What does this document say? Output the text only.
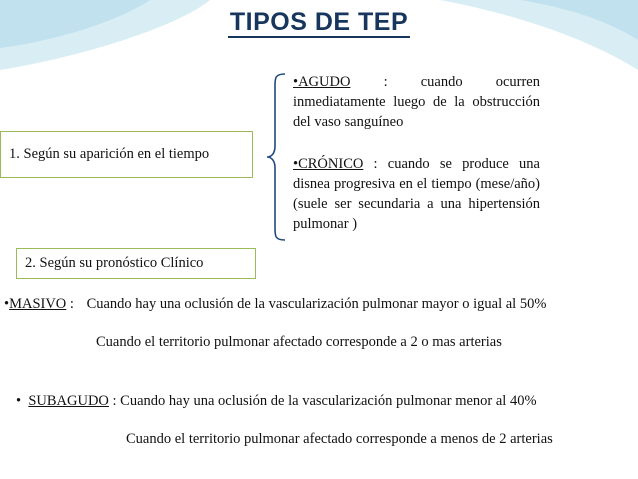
TIPOS DE TEP
1. Según su aparición en el tiempo
•AGUDO : cuando ocurren inmediatamente luego de la obstrucción del vaso sanguíneo
•CRÓNICO : cuando se produce una disnea progresiva en el tiempo (mese/año) (suele ser secundaria a una hipertensión pulmonar )
2. Según su pronóstico Clínico
•MASIVO : Cuando hay una oclusión de la vascularización pulmonar mayor o igual al 50%
Cuando el territorio pulmonar afectado corresponde a 2 o mas arterias
•  SUBAGUDO : Cuando hay una oclusión de la vascularización pulmonar menor al 40%
Cuando el territorio pulmonar afectado corresponde a menos de 2 arterias
